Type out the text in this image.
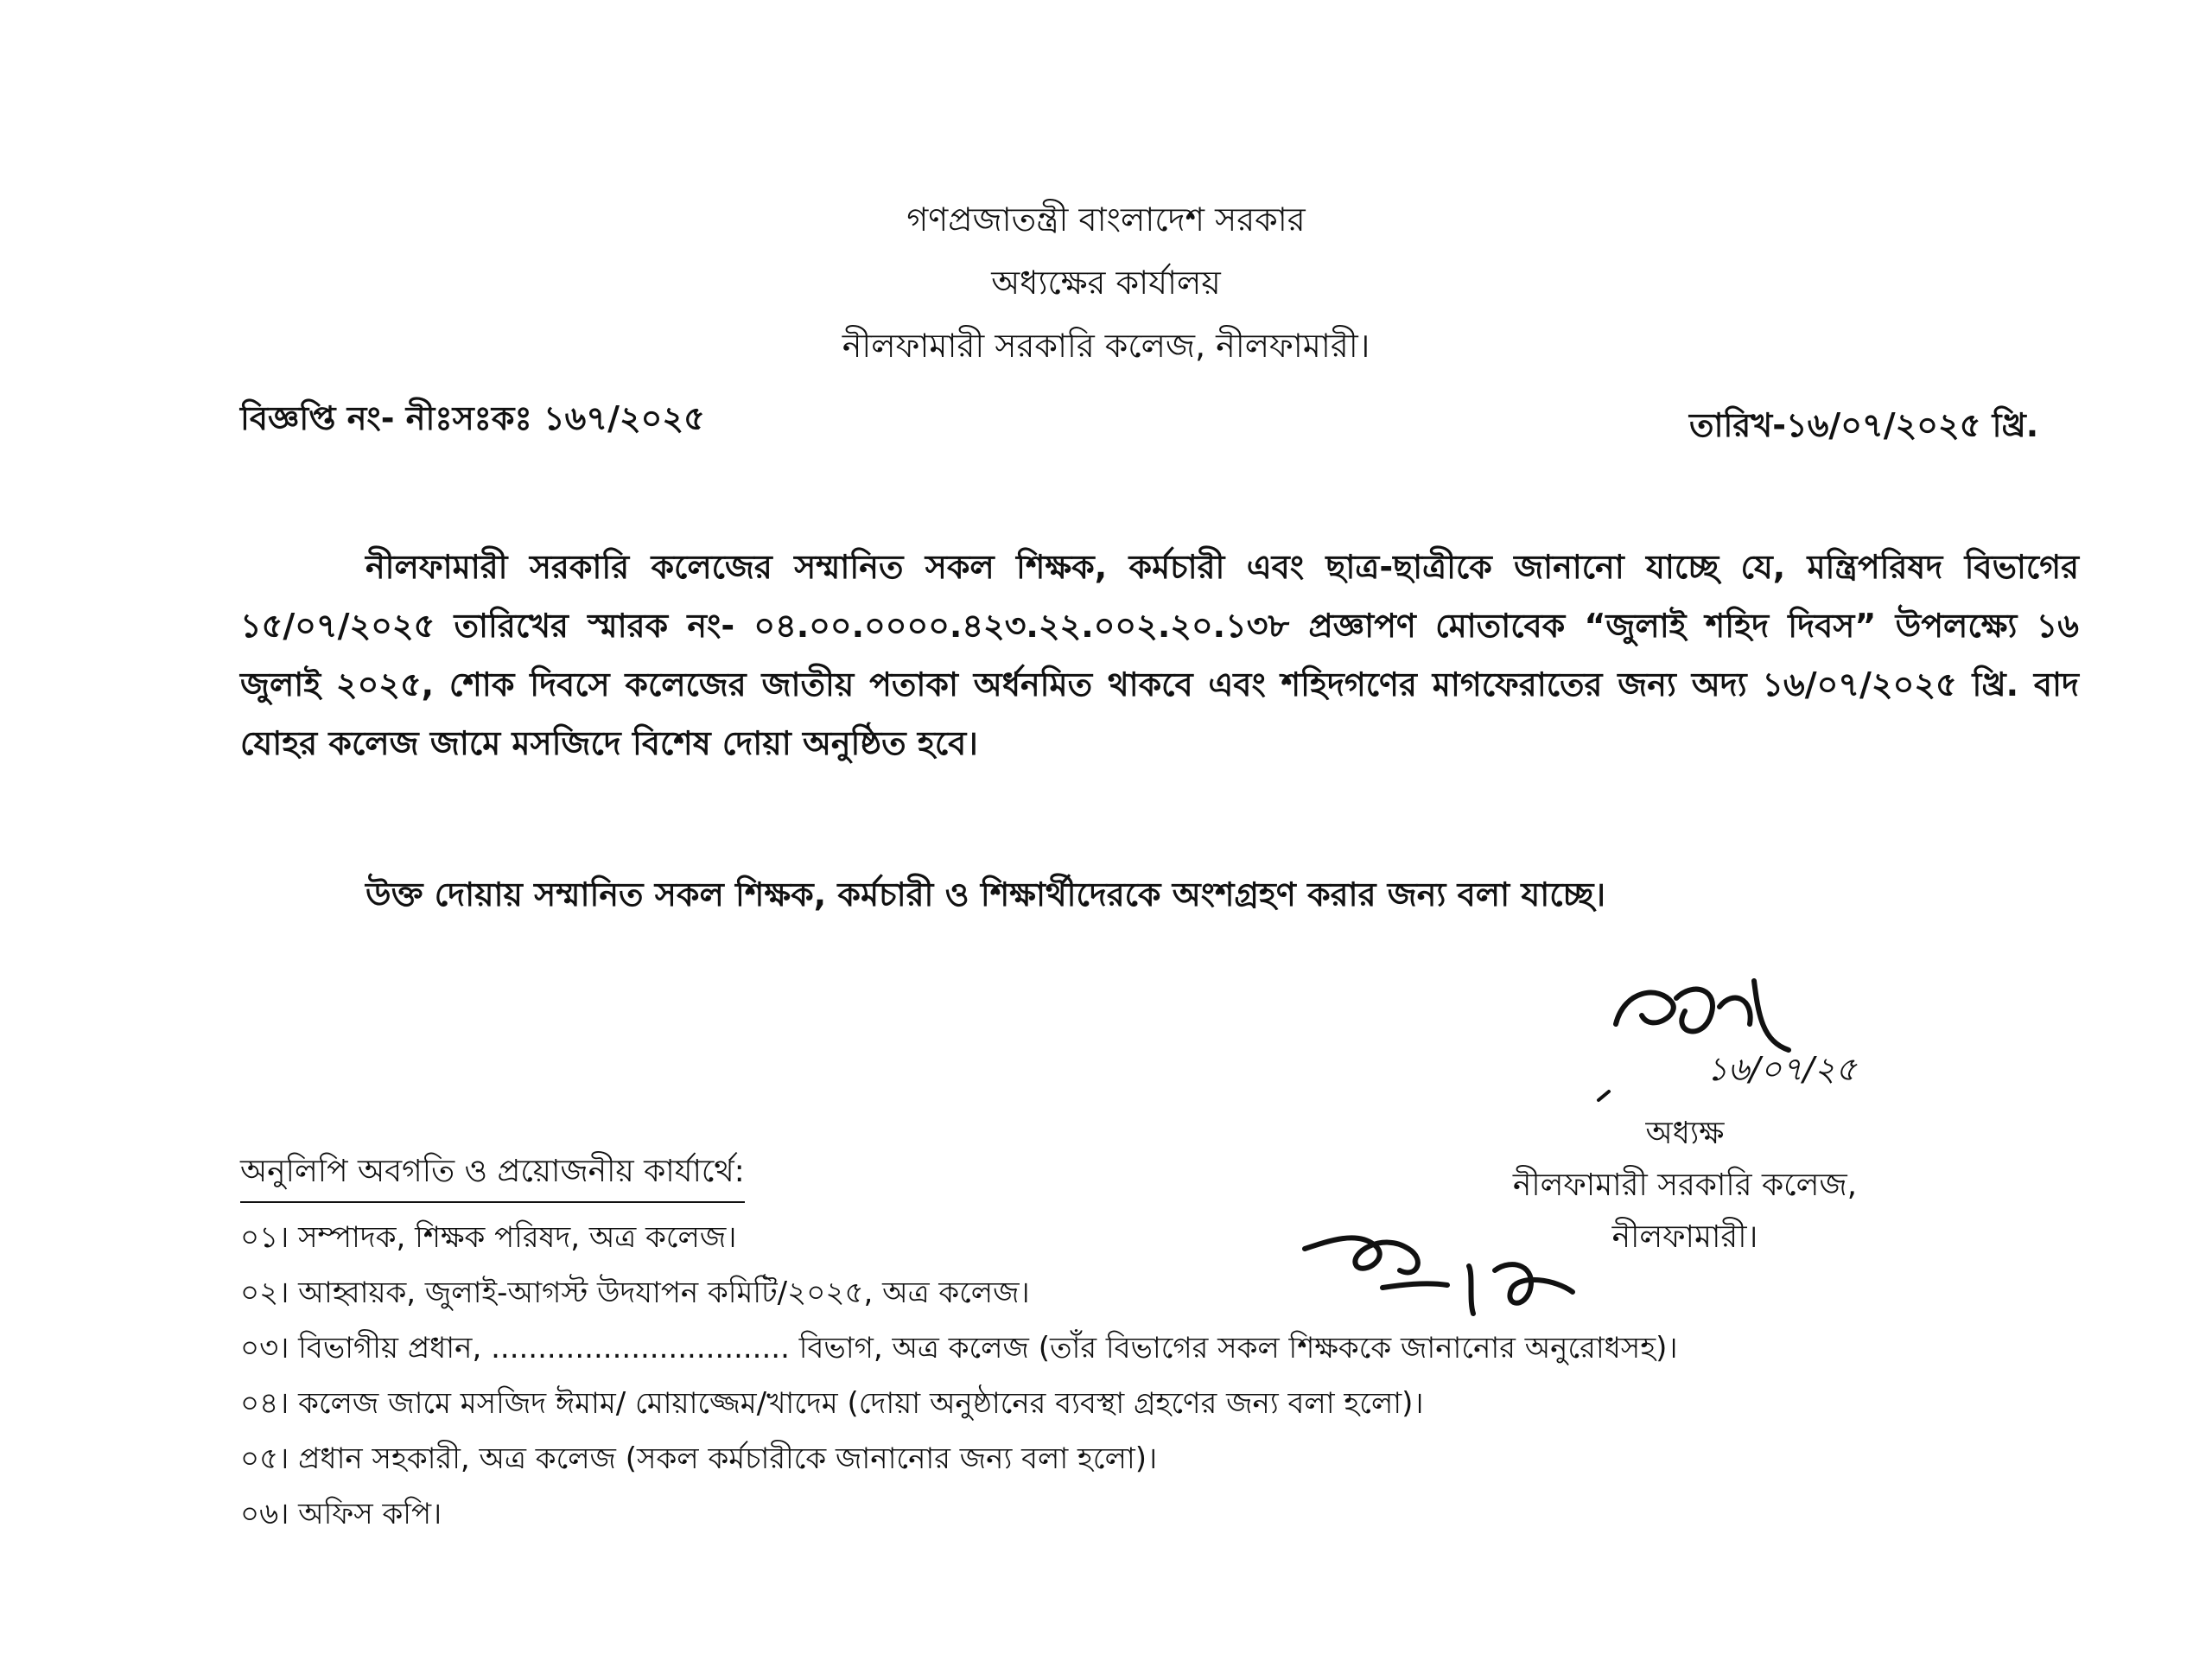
গণপ্রজাতন্ত্রী বাংলাদেশ সরকার
অধ্যক্ষের কার্যালয়
নীলফামারী সরকারি কলেজ, নীলফামারী।
বিজ্ঞপ্তি নং- নীঃসঃকঃ ১৬৭/২০২৫	তারিখ-১৬/০৭/২০২৫ খ্রি.
নীলফামারী সরকারি কলেজের সম্মানিত সকল শিক্ষক, কর্মচারী এবং ছাত্র-ছাত্রীকে জানানো যাচ্ছে যে, মন্ত্রিপরিষদ বিভাগের ১৫/০৭/২০২৫ তারিখের স্মারক নং- ০৪.০০.০০০০.৪২৩.২২.০০২.২০.১৩৮ প্রজ্ঞাপণ মোতাবেক “জুলাই শহিদ দিবস” উপলক্ষ্যে ১৬ জুলাই ২০২৫, শোক দিবসে কলেজের জাতীয় পতাকা অর্ধনমিত থাকবে এবং শহিদগণের মাগফেরাতের জন্য অদ্য ১৬/০৭/২০২৫ খ্রি. বাদ যোহর কলেজ জামে মসজিদে বিশেষ দোয়া অনুষ্ঠিত হবে।
উক্ত দোয়ায় সম্মানিত সকল শিক্ষক, কর্মচারী ও শিক্ষার্থীদেরকে অংশগ্রহণ করার জন্য বলা যাচ্ছে।
১৬/০৭/২৫
অধ্যক্ষ
নীলফামারী সরকারি কলেজ,
নীলফামারী।
অনুলিপি অবগতি ও প্রয়োজনীয় কার্যার্থে:
০১। সম্পাদক, শিক্ষক পরিষদ, অত্র কলেজ।
০২। আহ্বায়ক, জুলাই-আগস্ট উদযাপন কমিটি/২০২৫, অত্র কলেজ।
০৩। বিভাগীয় প্রধান, ................................ বিভাগ, অত্র কলেজ (তাঁর বিভাগের সকল শিক্ষককে জানানোর অনুরোধসহ)।
০৪। কলেজ জামে মসজিদ ঈমাম/ মোয়াজ্জেম/খাদেম (দোয়া অনুষ্ঠানের ব্যবস্থা গ্রহণের জন্য বলা হলো)।
০৫। প্রধান সহকারী, অত্র কলেজ (সকল কর্মচারীকে জানানোর জন্য বলা হলো)।
০৬। অফিস কপি।
